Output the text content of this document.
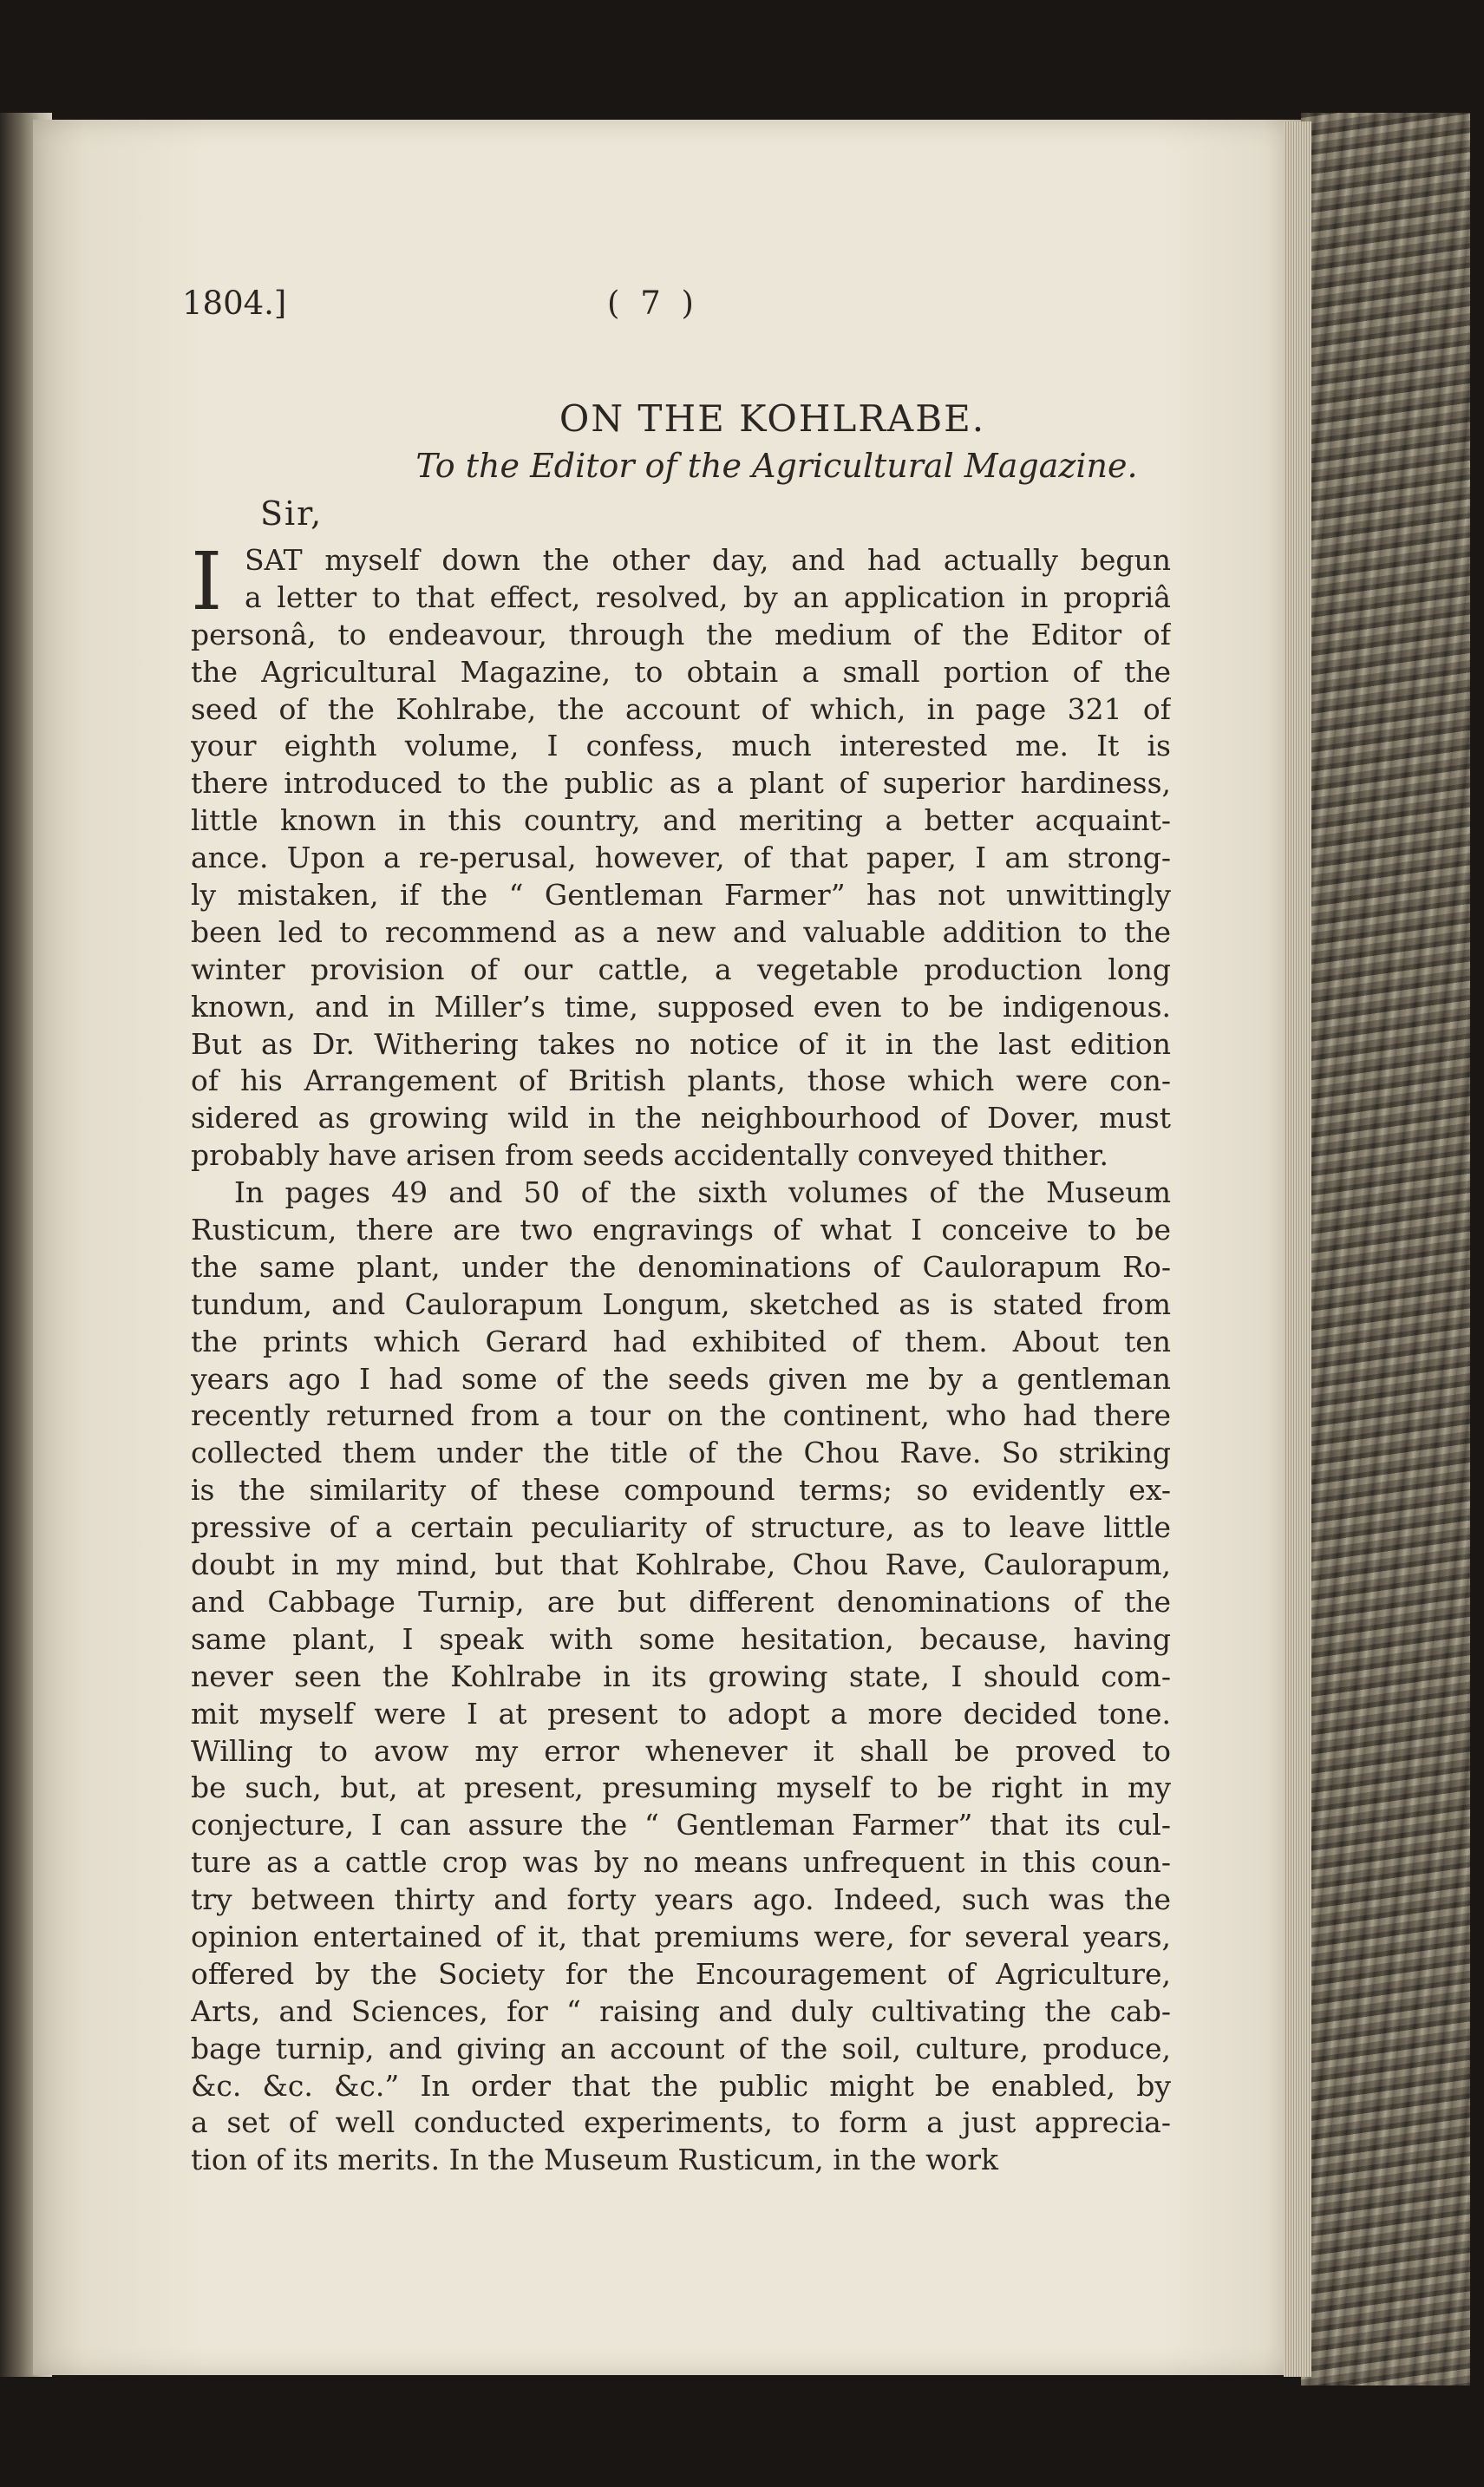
1804.]	( 7 )
ON THE KOHLRABE.
To the Editor of the Agricultural Magazine.
Sir,
I SAT myself down the other day, and had actually begun
a letter to that effect, resolved, by an application in propriâ
personâ, to endeavour, through the medium of the Editor of
the Agricultural Magazine, to obtain a small portion of the
seed of the Kohlrabe, the account of which, in page 321 of
your eighth volume, I confess, much interested me. It is
there introduced to the public as a plant of superior hardiness,
little known in this country, and meriting a better acquaint-
ance. Upon a re-perusal, however, of that paper, I am strong-
ly mistaken, if the “ Gentleman Farmer” has not unwittingly
been led to recommend as a new and valuable addition to the
winter provision of our cattle, a vegetable production long
known, and in Miller’s time, supposed even to be indigenous.
But as Dr. Withering takes no notice of it in the last edition
of his Arrangement of British plants, those which were con-
sidered as growing wild in the neighbourhood of Dover, must
probably have arisen from seeds accidentally conveyed thither.
In pages 49 and 50 of the sixth volumes of the Museum
Rusticum, there are two engravings of what I conceive to be
the same plant, under the denominations of Caulorapum Ro-
tundum, and Caulorapum Longum, sketched as is stated from
the prints which Gerard had exhibited of them. About ten
years ago I had some of the seeds given me by a gentleman
recently returned from a tour on the continent, who had there
collected them under the title of the Chou Rave. So striking
is the similarity of these compound terms; so evidently ex-
pressive of a certain peculiarity of structure, as to leave little
doubt in my mind, but that Kohlrabe, Chou Rave, Caulorapum,
and Cabbage Turnip, are but different denominations of the
same plant, I speak with some hesitation, because, having
never seen the Kohlrabe in its growing state, I should com-
mit myself were I at present to adopt a more decided tone.
Willing to avow my error whenever it shall be proved to
be such, but, at present, presuming myself to be right in my
conjecture, I can assure the “ Gentleman Farmer” that its cul-
ture as a cattle crop was by no means unfrequent in this coun-
try between thirty and forty years ago. Indeed, such was the
opinion entertained of it, that premiums were, for several years,
offered by the Society for the Encouragement of Agriculture,
Arts, and Sciences, for “ raising and duly cultivating the cab-
bage turnip, and giving an account of the soil, culture, produce,
&c. &c. &c.” In order that the public might be enabled, by
a set of well conducted experiments, to form a just apprecia-
tion of its merits. In the Museum Rusticum, in the work
